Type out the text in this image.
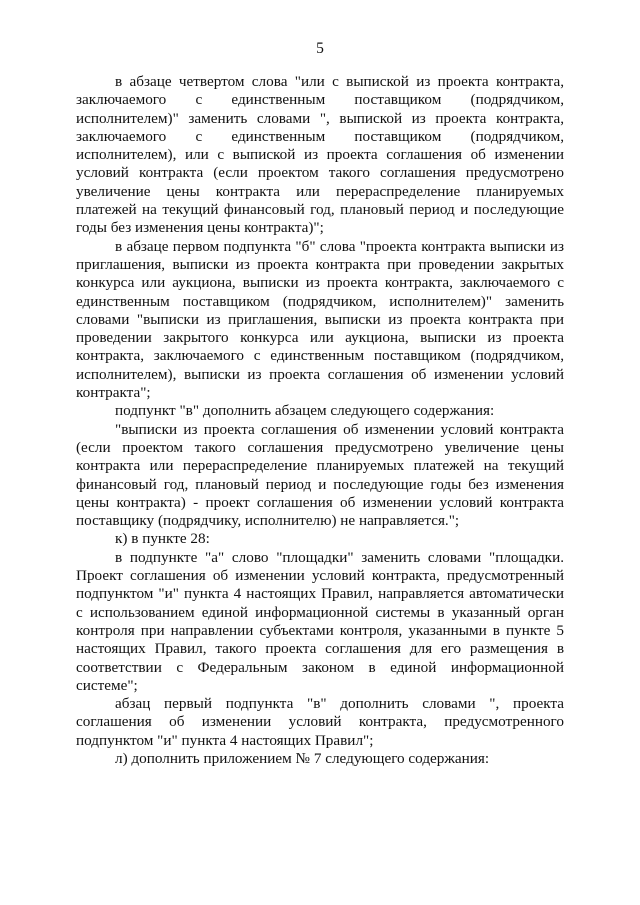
5

в абзаце четвертом слова "или с выпиской из проекта контракта, заключаемого с единственным поставщиком (подрядчиком, исполнителем)" заменить словами ", выпиской из проекта контракта, заключаемого с единственным поставщиком (подрядчиком, исполнителем), или с выпиской из проекта соглашения об изменении условий контракта (если проектом такого соглашения предусмотрено увеличение цены контракта или перераспределение планируемых платежей на текущий финансовый год, плановый период и последующие годы без изменения цены контракта)";

в абзаце первом подпункта "б" слова "проекта контракта выписки из приглашения, выписки из проекта контракта при проведении закрытых конкурса или аукциона, выписки из проекта контракта, заключаемого с единственным поставщиком (подрядчиком, исполнителем)" заменить словами "выписки из приглашения, выписки из проекта контракта при проведении закрытого конкурса или аукциона, выписки из проекта контракта, заключаемого с единственным поставщиком (подрядчиком, исполнителем), выписки из проекта соглашения об изменении условий контракта";

подпункт "в" дополнить абзацем следующего содержания:

"выписки из проекта соглашения об изменении условий контракта (если проектом такого соглашения предусмотрено увеличение цены контракта или перераспределение планируемых платежей на текущий финансовый год, плановый период и последующие годы без изменения цены контракта) - проект соглашения об изменении условий контракта поставщику (подрядчику, исполнителю) не направляется.";

к) в пункте 28:

в подпункте "а" слово "площадки" заменить словами "площадки. Проект соглашения об изменении условий контракта, предусмотренный подпунктом "и" пункта 4 настоящих Правил, направляется автоматически с использованием единой информационной системы в указанный орган контроля при направлении субъектами контроля, указанными в пункте 5 настоящих Правил, такого проекта соглашения для его размещения в соответствии с Федеральным законом в единой информационной системе";

абзац первый подпункта "в" дополнить словами ", проекта соглашения об изменении условий контракта, предусмотренного подпунктом "и" пункта 4 настоящих Правил";

л) дополнить приложением № 7 следующего содержания:
